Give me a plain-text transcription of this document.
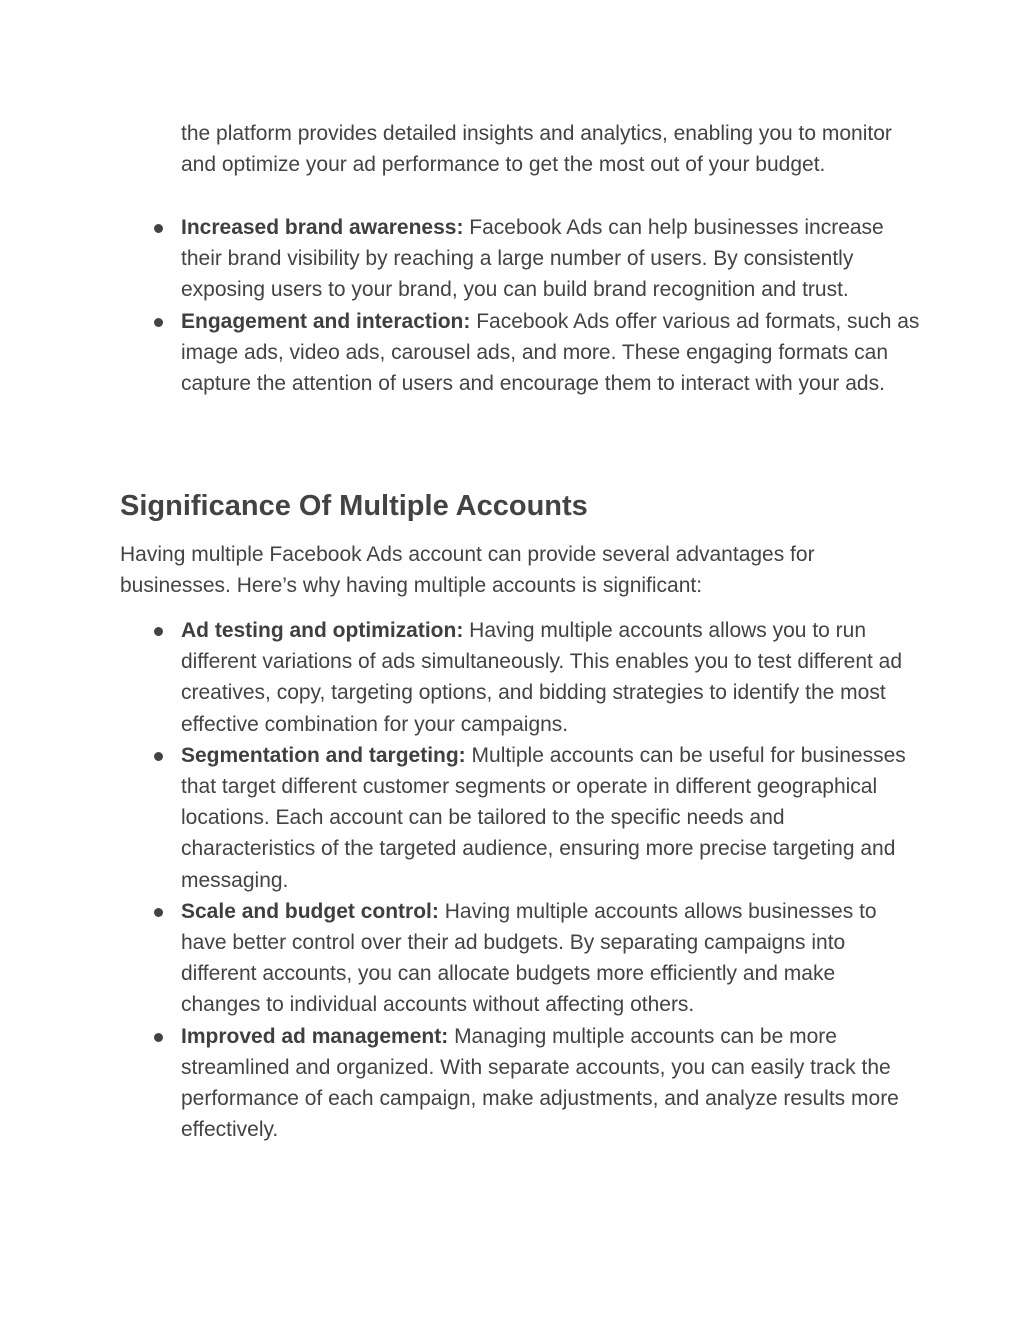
the platform provides detailed insights and analytics, enabling you to monitor and optimize your ad performance to get the most out of your budget.

Increased brand awareness: Facebook Ads can help businesses increase their brand visibility by reaching a large number of users. By consistently exposing users to your brand, you can build brand recognition and trust.
Engagement and interaction: Facebook Ads offer various ad formats, such as image ads, video ads, carousel ads, and more. These engaging formats can capture the attention of users and encourage them to interact with your ads.
Significance Of Multiple Accounts

Having multiple Facebook Ads account can provide several advantages for businesses. Here’s why having multiple accounts is significant:

Ad testing and optimization: Having multiple accounts allows you to run different variations of ads simultaneously. This enables you to test different ad creatives, copy, targeting options, and bidding strategies to identify the most effective combination for your campaigns.
Segmentation and targeting: Multiple accounts can be useful for businesses that target different customer segments or operate in different geographical locations. Each account can be tailored to the specific needs and characteristics of the targeted audience, ensuring more precise targeting and messaging.
Scale and budget control: Having multiple accounts allows businesses to have better control over their ad budgets. By separating campaigns into different accounts, you can allocate budgets more efficiently and make changes to individual accounts without affecting others.
Improved ad management: Managing multiple accounts can be more streamlined and organized. With separate accounts, you can easily track the performance of each campaign, make adjustments, and analyze results more effectively.
